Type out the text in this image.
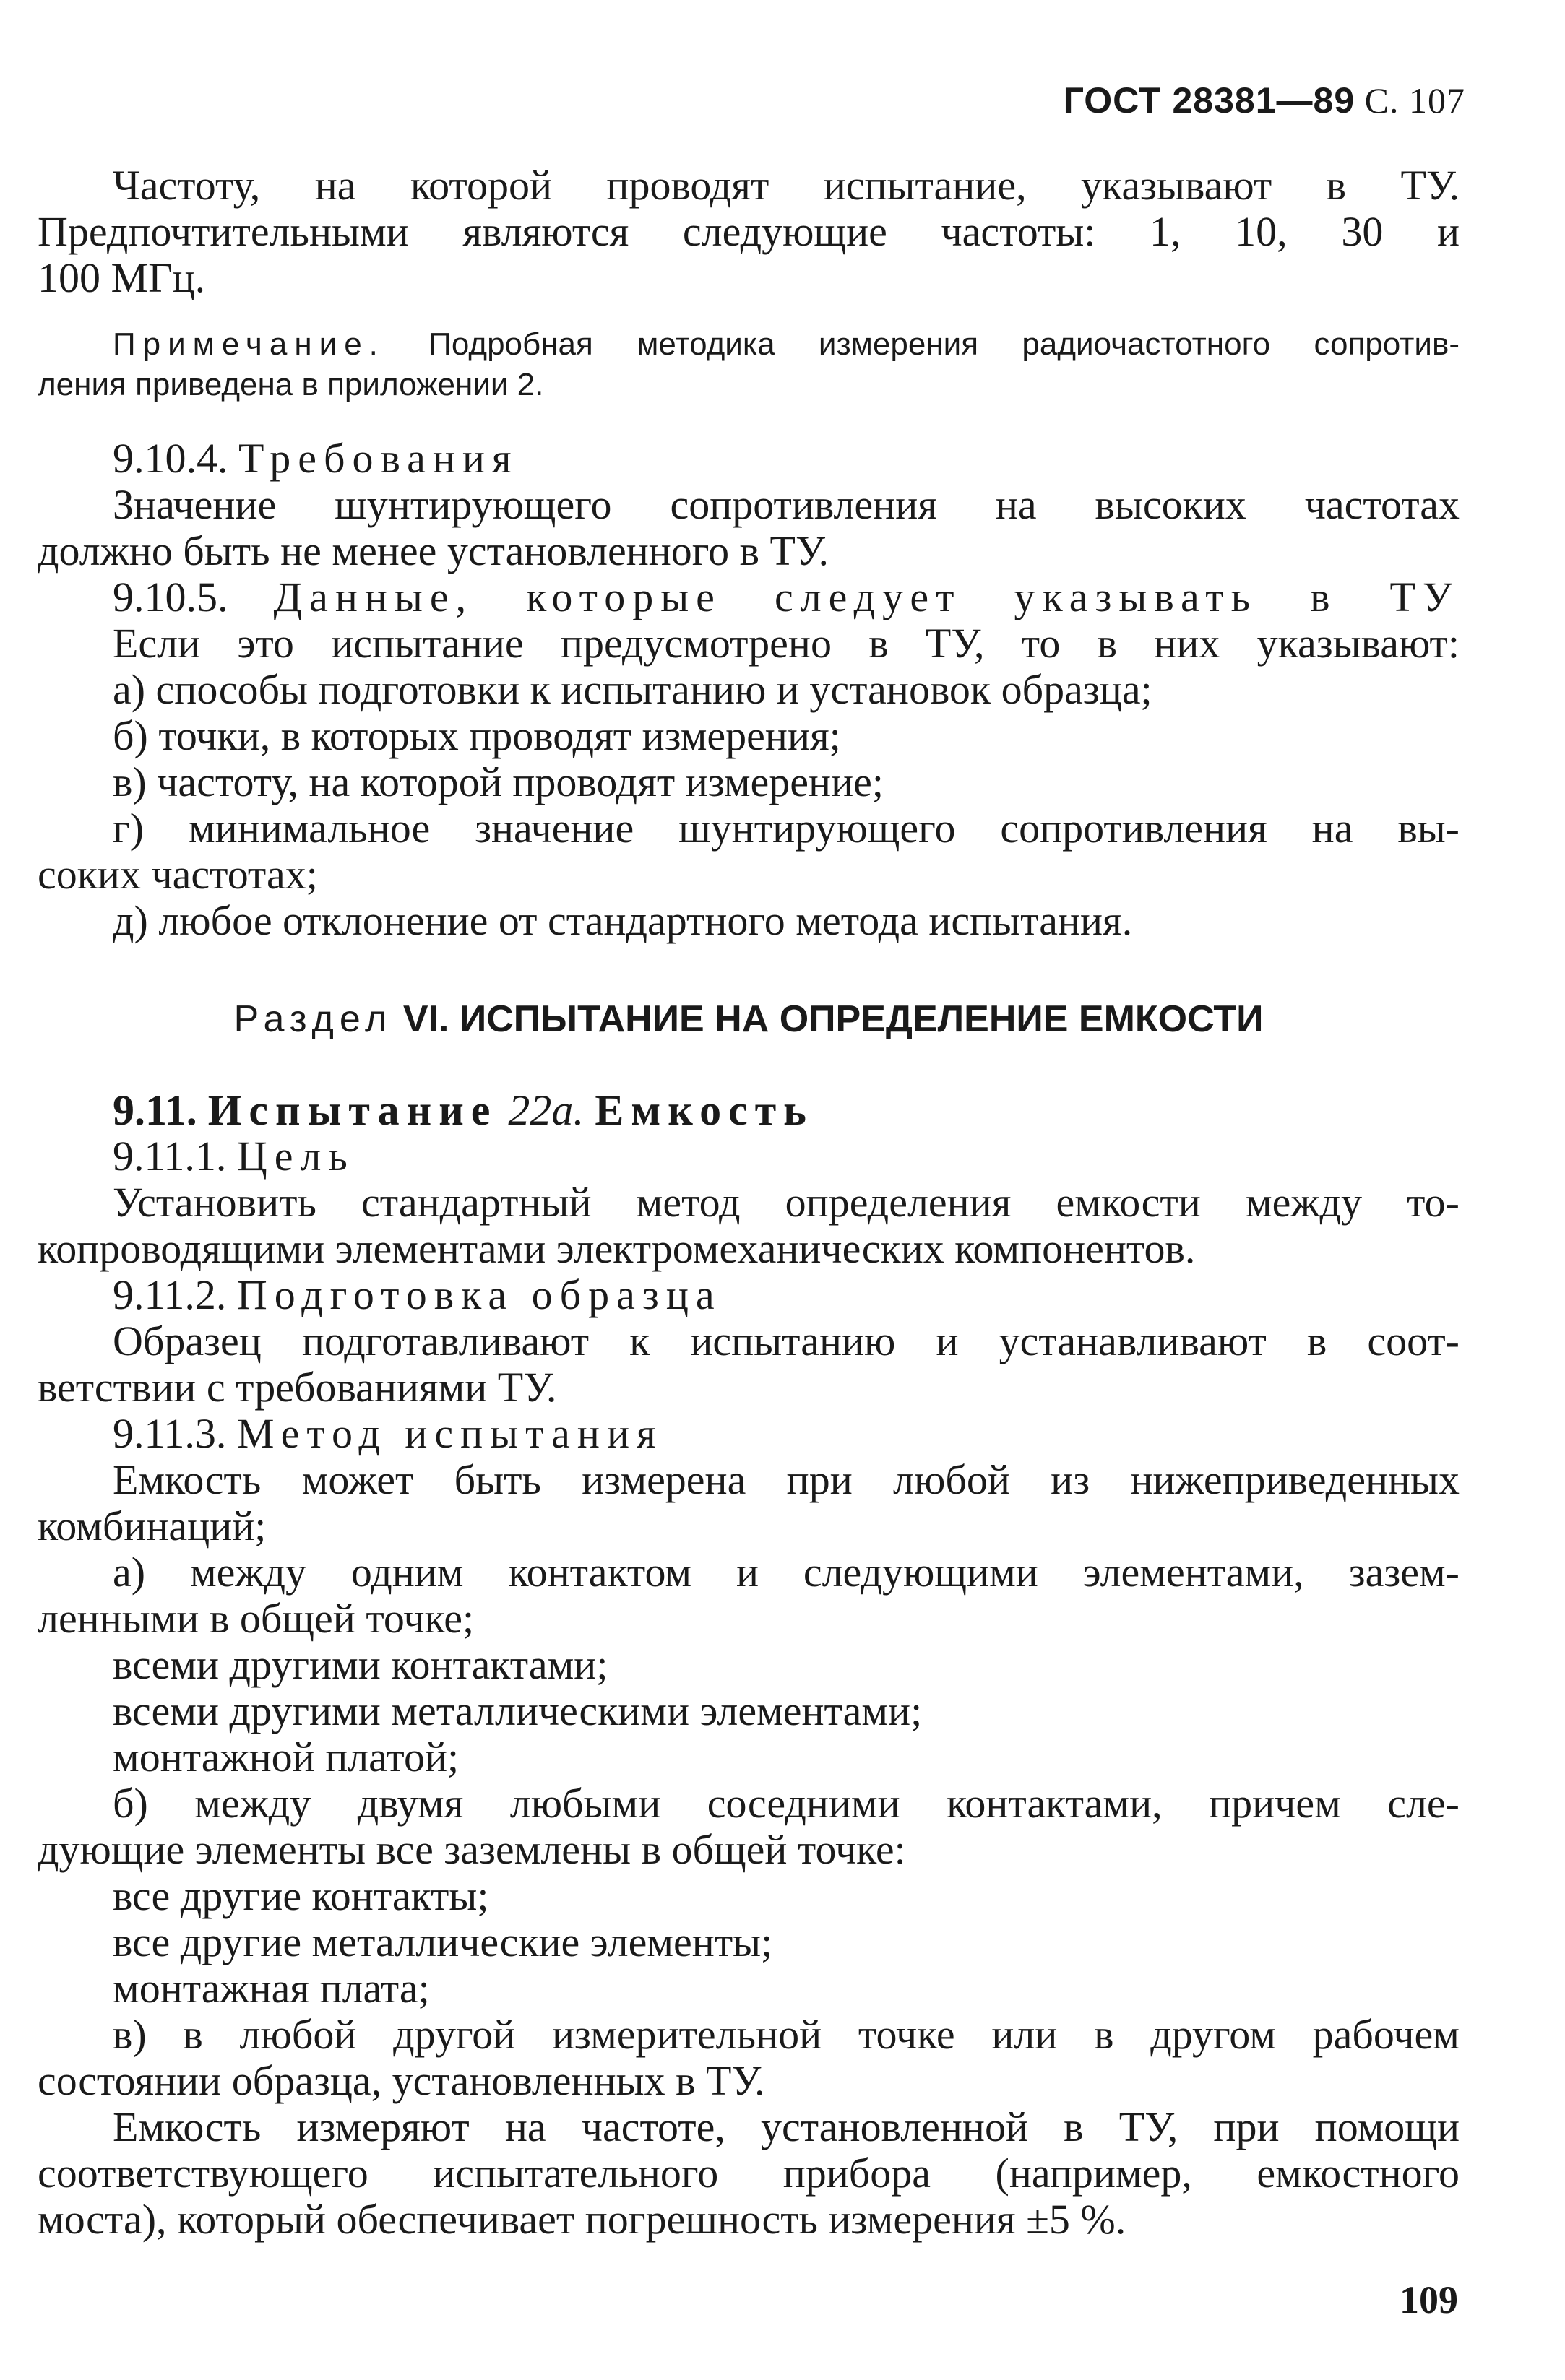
ГОСТ 28381—89 С. 107

Частоту, на которой проводят испытание, указывают в ТУ.

Предпочтительными являются следующие частоты: 1, 10, 30 и

100 МГц.

Примечание. Подробная методика измерения радиочастотного сопротив-

ления приведена в приложении 2.

9.10.4. Требования

Значение шунтирующего сопротивления на высоких частотах

должно быть не менее установленного в ТУ.

9.10.5. Данные, которые следует указывать в ТУ

Если это испытание предусмотрено в ТУ, то в них указывают:

а) способы подготовки к испытанию и установок образца;

б) точки, в которых проводят измерения;

в) частоту, на которой проводят измерение;

г) минимальное значение шунтирующего сопротивления на вы-

соких частотах;

д) любое отклонение от стандартного метода испытания.

Раздел VI. ИСПЫТАНИЕ НА ОПРЕДЕЛЕНИЕ ЕМКОСТИ

9.11. Испытание 22а. Емкость

9.11.1. Цель

Установить стандартный метод определения емкости между то-

копроводящими элементами электромеханических компонентов.

9.11.2. Подготовка образца

Образец подготавливают к испытанию и устанавливают в соот-

ветствии с требованиями ТУ.

9.11.3. Метод испытания

Емкость может быть измерена при любой из нижеприведенных

комбинаций;

а) между одним контактом и следующими элементами, зазем-

ленными в общей точке;

всеми другими контактами;

всеми другими металлическими элементами;

монтажной платой;

б) между двумя любыми соседними контактами, причем сле-

дующие элементы все заземлены в общей точке:

все другие контакты;

все другие металлические элементы;

монтажная плата;

в) в любой другой измерительной точке или в другом рабочем

состоянии образца, установленных в ТУ.

Емкость измеряют на частоте, установленной в ТУ, при помощи

соответствующего испытательного прибора (например, емкостного

моста), который обеспечивает погрешность измерения ±5 %.

109
